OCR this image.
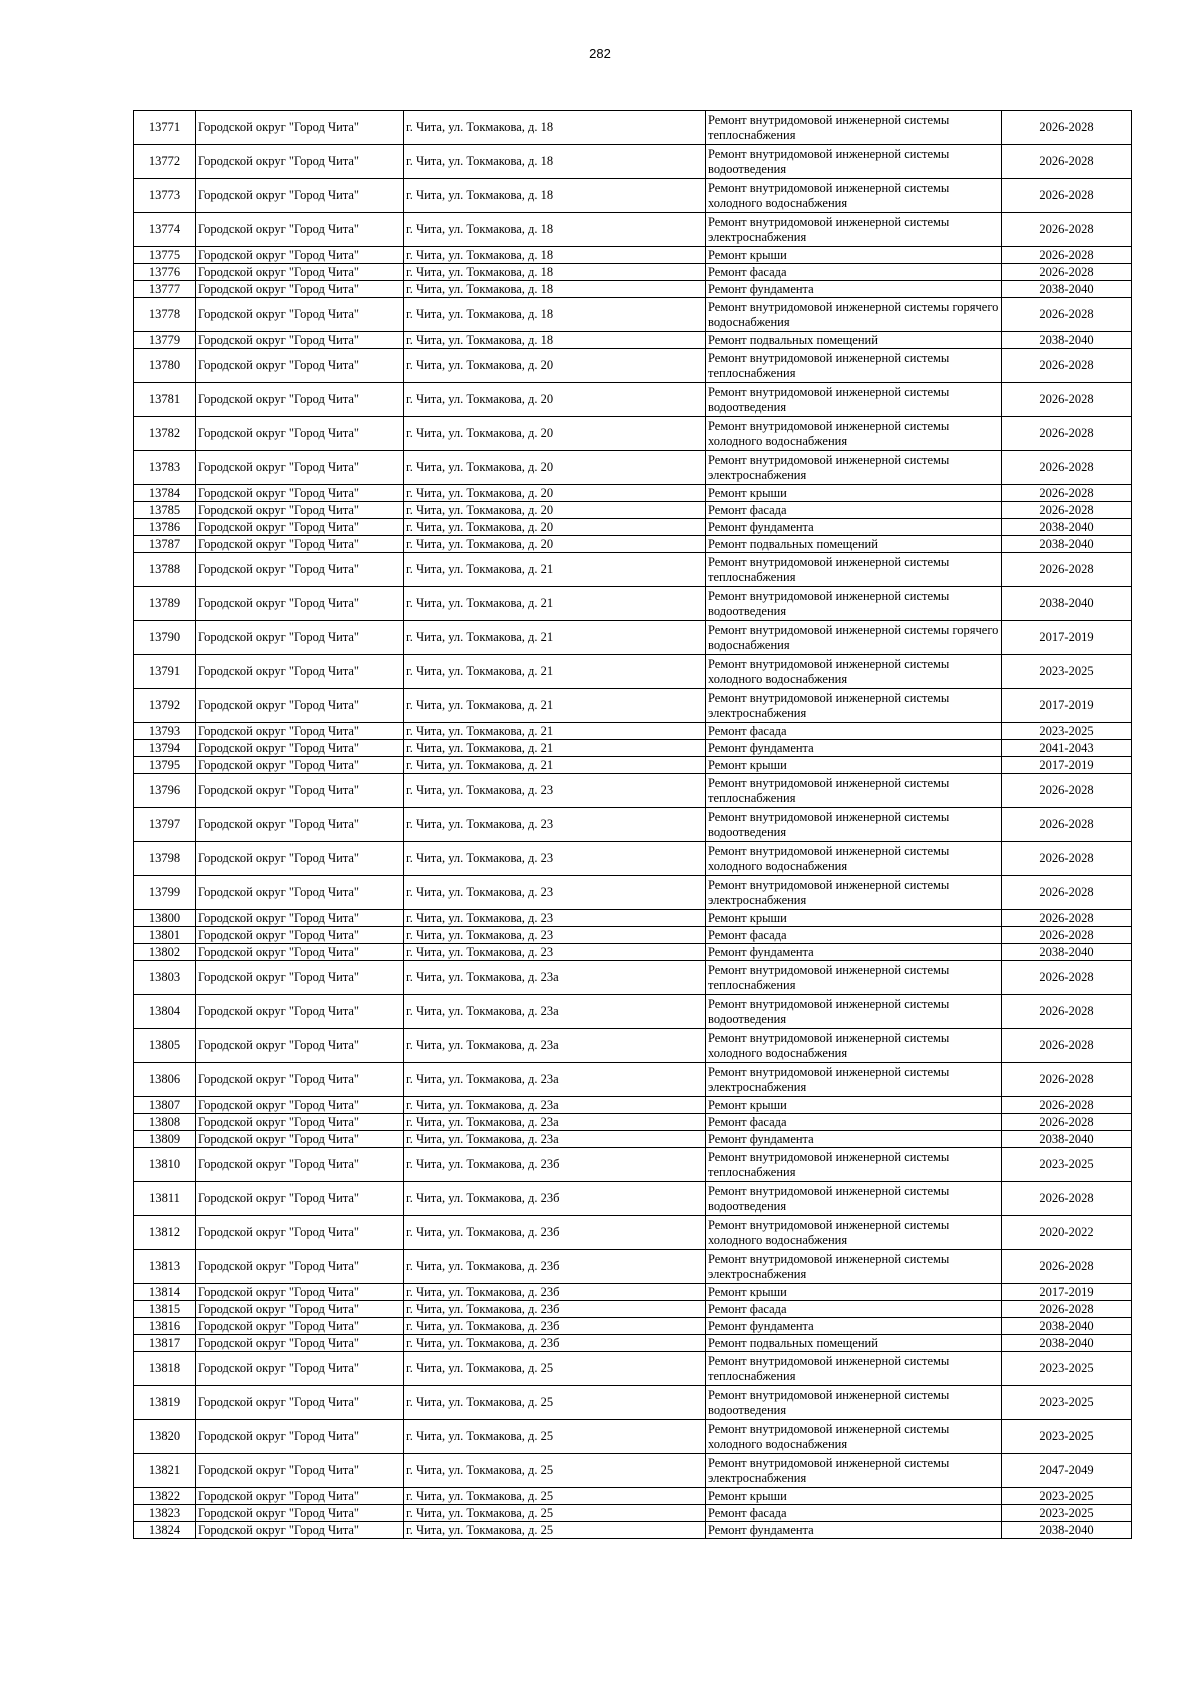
282
13771	Городской округ "Город Чита"	г. Чита, ул. Токмакова, д. 18	Ремонт внутридомовой инженерной системы теплоснабжения	2026-2028
13772	Городской округ "Город Чита"	г. Чита, ул. Токмакова, д. 18	Ремонт внутридомовой инженерной системы водоотведения	2026-2028
13773	Городской округ "Город Чита"	г. Чита, ул. Токмакова, д. 18	Ремонт внутридомовой инженерной системы холодного водоснабжения	2026-2028
13774	Городской округ "Город Чита"	г. Чита, ул. Токмакова, д. 18	Ремонт внутридомовой инженерной системы электроснабжения	2026-2028
13775	Городской округ "Город Чита"	г. Чита, ул. Токмакова, д. 18	Ремонт крыши	2026-2028
13776	Городской округ "Город Чита"	г. Чита, ул. Токмакова, д. 18	Ремонт фасада	2026-2028
13777	Городской округ "Город Чита"	г. Чита, ул. Токмакова, д. 18	Ремонт фундамента	2038-2040
13778	Городской округ "Город Чита"	г. Чита, ул. Токмакова, д. 18	Ремонт внутридомовой инженерной системы горячего водоснабжения	2026-2028
13779	Городской округ "Город Чита"	г. Чита, ул. Токмакова, д. 18	Ремонт подвальных помещений	2038-2040
13780	Городской округ "Город Чита"	г. Чита, ул. Токмакова, д. 20	Ремонт внутридомовой инженерной системы теплоснабжения	2026-2028
13781	Городской округ "Город Чита"	г. Чита, ул. Токмакова, д. 20	Ремонт внутридомовой инженерной системы водоотведения	2026-2028
13782	Городской округ "Город Чита"	г. Чита, ул. Токмакова, д. 20	Ремонт внутридомовой инженерной системы холодного водоснабжения	2026-2028
13783	Городской округ "Город Чита"	г. Чита, ул. Токмакова, д. 20	Ремонт внутридомовой инженерной системы электроснабжения	2026-2028
13784	Городской округ "Город Чита"	г. Чита, ул. Токмакова, д. 20	Ремонт крыши	2026-2028
13785	Городской округ "Город Чита"	г. Чита, ул. Токмакова, д. 20	Ремонт фасада	2026-2028
13786	Городской округ "Город Чита"	г. Чита, ул. Токмакова, д. 20	Ремонт фундамента	2038-2040
13787	Городской округ "Город Чита"	г. Чита, ул. Токмакова, д. 20	Ремонт подвальных помещений	2038-2040
13788	Городской округ "Город Чита"	г. Чита, ул. Токмакова, д. 21	Ремонт внутридомовой инженерной системы теплоснабжения	2026-2028
13789	Городской округ "Город Чита"	г. Чита, ул. Токмакова, д. 21	Ремонт внутридомовой инженерной системы водоотведения	2038-2040
13790	Городской округ "Город Чита"	г. Чита, ул. Токмакова, д. 21	Ремонт внутридомовой инженерной системы горячего водоснабжения	2017-2019
13791	Городской округ "Город Чита"	г. Чита, ул. Токмакова, д. 21	Ремонт внутридомовой инженерной системы холодного водоснабжения	2023-2025
13792	Городской округ "Город Чита"	г. Чита, ул. Токмакова, д. 21	Ремонт внутридомовой инженерной системы электроснабжения	2017-2019
13793	Городской округ "Город Чита"	г. Чита, ул. Токмакова, д. 21	Ремонт фасада	2023-2025
13794	Городской округ "Город Чита"	г. Чита, ул. Токмакова, д. 21	Ремонт фундамента	2041-2043
13795	Городской округ "Город Чита"	г. Чита, ул. Токмакова, д. 21	Ремонт крыши	2017-2019
13796	Городской округ "Город Чита"	г. Чита, ул. Токмакова, д. 23	Ремонт внутридомовой инженерной системы теплоснабжения	2026-2028
13797	Городской округ "Город Чита"	г. Чита, ул. Токмакова, д. 23	Ремонт внутридомовой инженерной системы водоотведения	2026-2028
13798	Городской округ "Город Чита"	г. Чита, ул. Токмакова, д. 23	Ремонт внутридомовой инженерной системы холодного водоснабжения	2026-2028
13799	Городской округ "Город Чита"	г. Чита, ул. Токмакова, д. 23	Ремонт внутридомовой инженерной системы электроснабжения	2026-2028
13800	Городской округ "Город Чита"	г. Чита, ул. Токмакова, д. 23	Ремонт крыши	2026-2028
13801	Городской округ "Город Чита"	г. Чита, ул. Токмакова, д. 23	Ремонт фасада	2026-2028
13802	Городской округ "Город Чита"	г. Чита, ул. Токмакова, д. 23	Ремонт фундамента	2038-2040
13803	Городской округ "Город Чита"	г. Чита, ул. Токмакова, д. 23а	Ремонт внутридомовой инженерной системы теплоснабжения	2026-2028
13804	Городской округ "Город Чита"	г. Чита, ул. Токмакова, д. 23а	Ремонт внутридомовой инженерной системы водоотведения	2026-2028
13805	Городской округ "Город Чита"	г. Чита, ул. Токмакова, д. 23а	Ремонт внутридомовой инженерной системы холодного водоснабжения	2026-2028
13806	Городской округ "Город Чита"	г. Чита, ул. Токмакова, д. 23а	Ремонт внутридомовой инженерной системы электроснабжения	2026-2028
13807	Городской округ "Город Чита"	г. Чита, ул. Токмакова, д. 23а	Ремонт крыши	2026-2028
13808	Городской округ "Город Чита"	г. Чита, ул. Токмакова, д. 23а	Ремонт фасада	2026-2028
13809	Городской округ "Город Чита"	г. Чита, ул. Токмакова, д. 23а	Ремонт фундамента	2038-2040
13810	Городской округ "Город Чита"	г. Чита, ул. Токмакова, д. 23б	Ремонт внутридомовой инженерной системы теплоснабжения	2023-2025
13811	Городской округ "Город Чита"	г. Чита, ул. Токмакова, д. 23б	Ремонт внутридомовой инженерной системы водоотведения	2026-2028
13812	Городской округ "Город Чита"	г. Чита, ул. Токмакова, д. 23б	Ремонт внутридомовой инженерной системы холодного водоснабжения	2020-2022
13813	Городской округ "Город Чита"	г. Чита, ул. Токмакова, д. 23б	Ремонт внутридомовой инженерной системы электроснабжения	2026-2028
13814	Городской округ "Город Чита"	г. Чита, ул. Токмакова, д. 23б	Ремонт крыши	2017-2019
13815	Городской округ "Город Чита"	г. Чита, ул. Токмакова, д. 23б	Ремонт фасада	2026-2028
13816	Городской округ "Город Чита"	г. Чита, ул. Токмакова, д. 23б	Ремонт фундамента	2038-2040
13817	Городской округ "Город Чита"	г. Чита, ул. Токмакова, д. 23б	Ремонт подвальных помещений	2038-2040
13818	Городской округ "Город Чита"	г. Чита, ул. Токмакова, д. 25	Ремонт внутридомовой инженерной системы теплоснабжения	2023-2025
13819	Городской округ "Город Чита"	г. Чита, ул. Токмакова, д. 25	Ремонт внутридомовой инженерной системы водоотведения	2023-2025
13820	Городской округ "Город Чита"	г. Чита, ул. Токмакова, д. 25	Ремонт внутридомовой инженерной системы холодного водоснабжения	2023-2025
13821	Городской округ "Город Чита"	г. Чита, ул. Токмакова, д. 25	Ремонт внутридомовой инженерной системы электроснабжения	2047-2049
13822	Городской округ "Город Чита"	г. Чита, ул. Токмакова, д. 25	Ремонт крыши	2023-2025
13823	Городской округ "Город Чита"	г. Чита, ул. Токмакова, д. 25	Ремонт фасада	2023-2025
13824	Городской округ "Город Чита"	г. Чита, ул. Токмакова, д. 25	Ремонт фундамента	2038-2040
